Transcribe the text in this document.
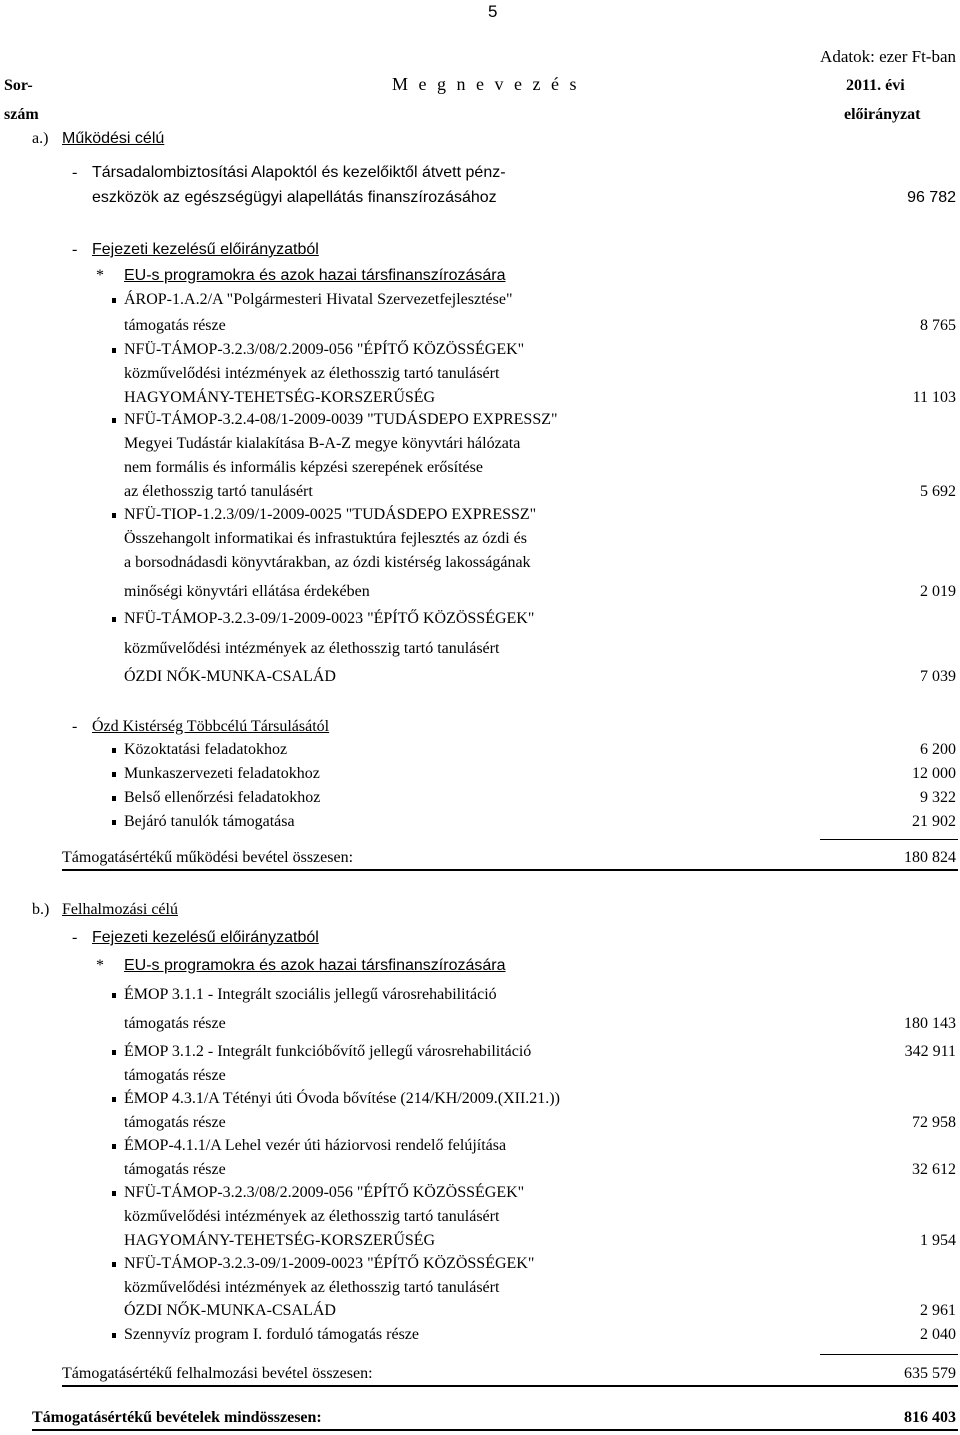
5
Adatok: ezer Ft-ban
Sor-
szám
M e g n e v e z é s	2011. évi
előirányzat
a.) Működési célú
- Társadalombiztosítási Alapoktól és kezelőiktől átvett pénz-
eszközök az egészségügyi alapellátás finanszírozásához	96 782
- Fejezeti kezelésű előirányzatból
* EU-s programokra és azok hazai társfinanszírozására
ÁROP-1.A.2/A "Polgármesteri Hivatal Szervezetfejlesztése"
támogatás része	8 765
NFÜ-TÁMOP-3.2.3/08/2.2009-056 "ÉPÍTŐ KÖZÖSSÉGEK"
közművelődési intézmények az élethosszig tartó tanulásért
HAGYOMÁNY-TEHETSÉG-KORSZERŰSÉG	11 103
NFÜ-TÁMOP-3.2.4-08/1-2009-0039 "TUDÁSDEPO EXPRESSZ"
Megyei Tudástár kialakítása B-A-Z megye könyvtári hálózata
nem formális és informális képzési szerepének erősítése
az élethosszig tartó tanulásért	5 692
NFÜ-TIOP-1.2.3/09/1-2009-0025 "TUDÁSDEPO EXPRESSZ"
Összehangolt informatikai és infrastuktúra fejlesztés az ózdi és
a borsodnádasdi könyvtárakban, az ózdi kistérség lakosságának
minőségi könyvtári ellátása érdekében	2 019
NFÜ-TÁMOP-3.2.3-09/1-2009-0023 "ÉPÍTŐ KÖZÖSSÉGEK"
közművelődési intézmények az élethosszig tartó tanulásért
ÓZDI NŐK-MUNKA-CSALÁD	7 039
- Ózd Kistérség Többcélú Társulásától
Közoktatási feladatokhoz	6 200
Munkaszervezeti feladatokhoz	12 000
Belső ellenőrzési feladatokhoz	9 322
Bejáró tanulók támogatása	21 902
Támogatásértékű működési bevétel összesen:	180 824
b.) Felhalmozási célú
- Fejezeti kezelésű előirányzatból
* EU-s programokra és azok hazai társfinanszírozására
ÉMOP 3.1.1 - Integrált szociális jellegű városrehabilitáció
támogatás része	180 143
ÉMOP 3.1.2 - Integrált funkcióbővítő jellegű városrehabilitáció	342 911
támogatás része
ÉMOP 4.3.1/A Tétényi úti Óvoda bővítése (214/KH/2009.(XII.21.))
támogatás része	72 958
ÉMOP-4.1.1/A Lehel vezér úti háziorvosi rendelő felújítása
támogatás része	32 612
NFÜ-TÁMOP-3.2.3/08/2.2009-056 "ÉPÍTŐ KÖZÖSSÉGEK"
közművelődési intézmények az élethosszig tartó tanulásért
HAGYOMÁNY-TEHETSÉG-KORSZERŰSÉG	1 954
NFÜ-TÁMOP-3.2.3-09/1-2009-0023 "ÉPÍTŐ KÖZÖSSÉGEK"
közművelődési intézmények az élethosszig tartó tanulásért
ÓZDI NŐK-MUNKA-CSALÁD	2 961
Szennyvíz program I. forduló támogatás része	2 040
Támogatásértékű felhalmozási bevétel összesen:	635 579
Támogatásértékű bevételek mindösszesen:	816 403
